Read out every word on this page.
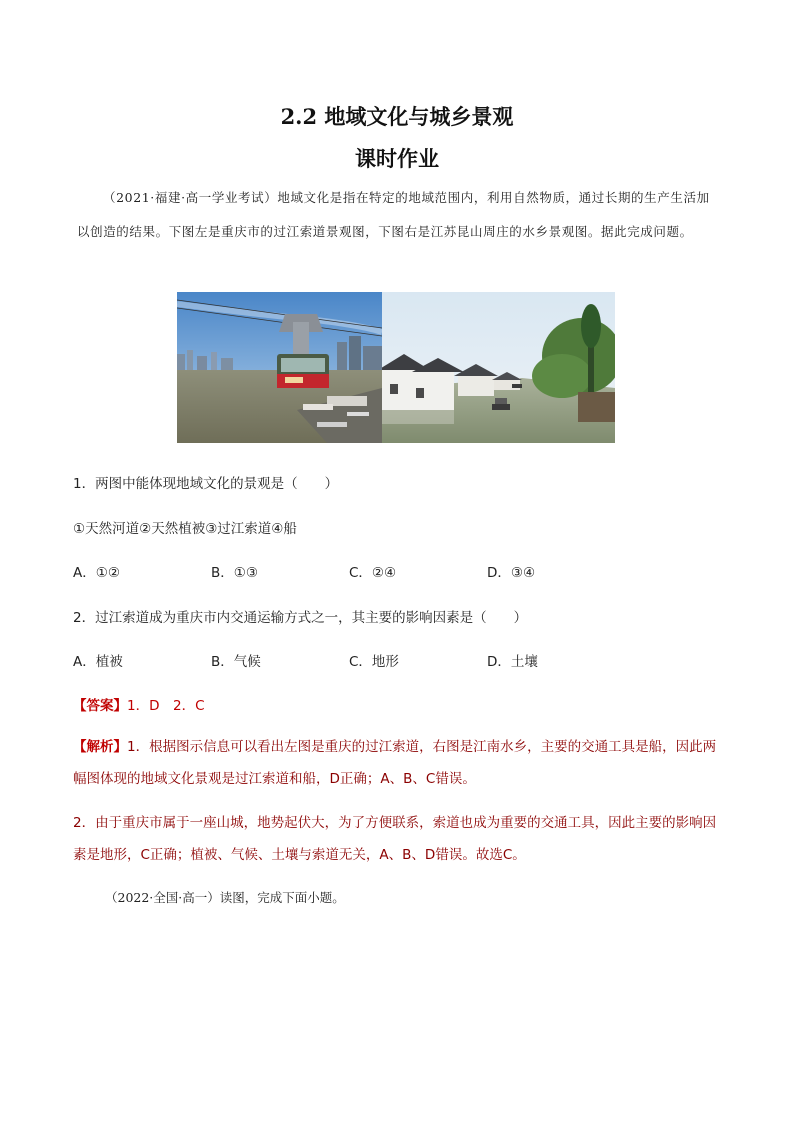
2.2 地域文化与城乡景观
课时作业
（2021·福建·高一学业考试）地域文化是指在特定的地域范围内，利用自然物质，通过长期的生产生活加以创造的结果。下图左是重庆市的过江索道景观图，下图右是江苏昆山周庄的水乡景观图。据此完成问题。
1．两图中能体现地域文化的景观是（　　）
①天然河道②天然植被③过江索道④船
A．①②	B．①③	C．②④	D．③④
2．过江索道成为重庆市内交通运输方式之一，其主要的影响因素是（　　）
A．植被	B．气候	C．地形	D．土壤
【答案】1．D　2．C
【解析】1．根据图示信息可以看出左图是重庆的过江索道，右图是江南水乡，主要的交通工具是船，因此两幅图体现的地域文化景观是过江索道和船，D正确；A、B、C错误。
2．由于重庆市属于一座山城，地势起伏大，为了方便联系，索道也成为重要的交通工具，因此主要的影响因素是地形，C正确；植被、气候、土壤与索道无关，A、B、D错误。故选C。
（2022·全国·高一）读图，完成下面小题。
